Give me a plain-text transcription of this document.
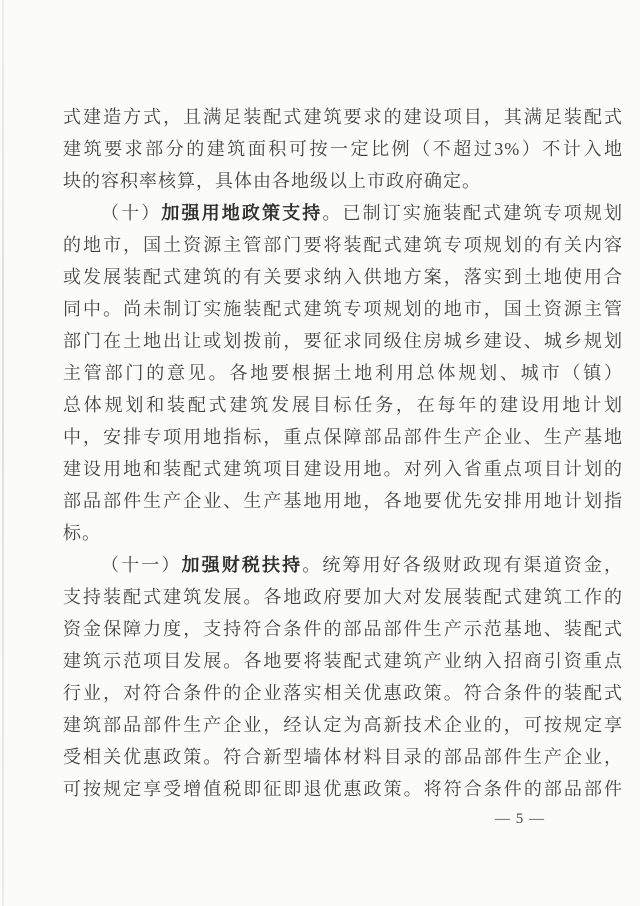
式建造方式，且满足装配式建筑要求的建设项目，其满足装配式
建筑要求部分的建筑面积可按一定比例（不超过3%）不计入地
块的容积率核算，具体由各地级以上市政府确定。
（十）加强用地政策支持。已制订实施装配式建筑专项规划
的地市，国土资源主管部门要将装配式建筑专项规划的有关内容
或发展装配式建筑的有关要求纳入供地方案，落实到土地使用合
同中。尚未制订实施装配式建筑专项规划的地市，国土资源主管
部门在土地出让或划拨前，要征求同级住房城乡建设、城乡规划
主管部门的意见。各地要根据土地利用总体规划、城市（镇）
总体规划和装配式建筑发展目标任务，在每年的建设用地计划
中，安排专项用地指标，重点保障部品部件生产企业、生产基地
建设用地和装配式建筑项目建设用地。对列入省重点项目计划的
部品部件生产企业、生产基地用地，各地要优先安排用地计划指
标。
（十一）加强财税扶持。统筹用好各级财政现有渠道资金，
支持装配式建筑发展。各地政府要加大对发展装配式建筑工作的
资金保障力度，支持符合条件的部品部件生产示范基地、装配式
建筑示范项目发展。各地要将装配式建筑产业纳入招商引资重点
行业，对符合条件的企业落实相关优惠政策。符合条件的装配式
建筑部品部件生产企业，经认定为高新技术企业的，可按规定享
受相关优惠政策。符合新型墙体材料目录的部品部件生产企业，
可按规定享受增值税即征即退优惠政策。将符合条件的部品部件
— 5 —
